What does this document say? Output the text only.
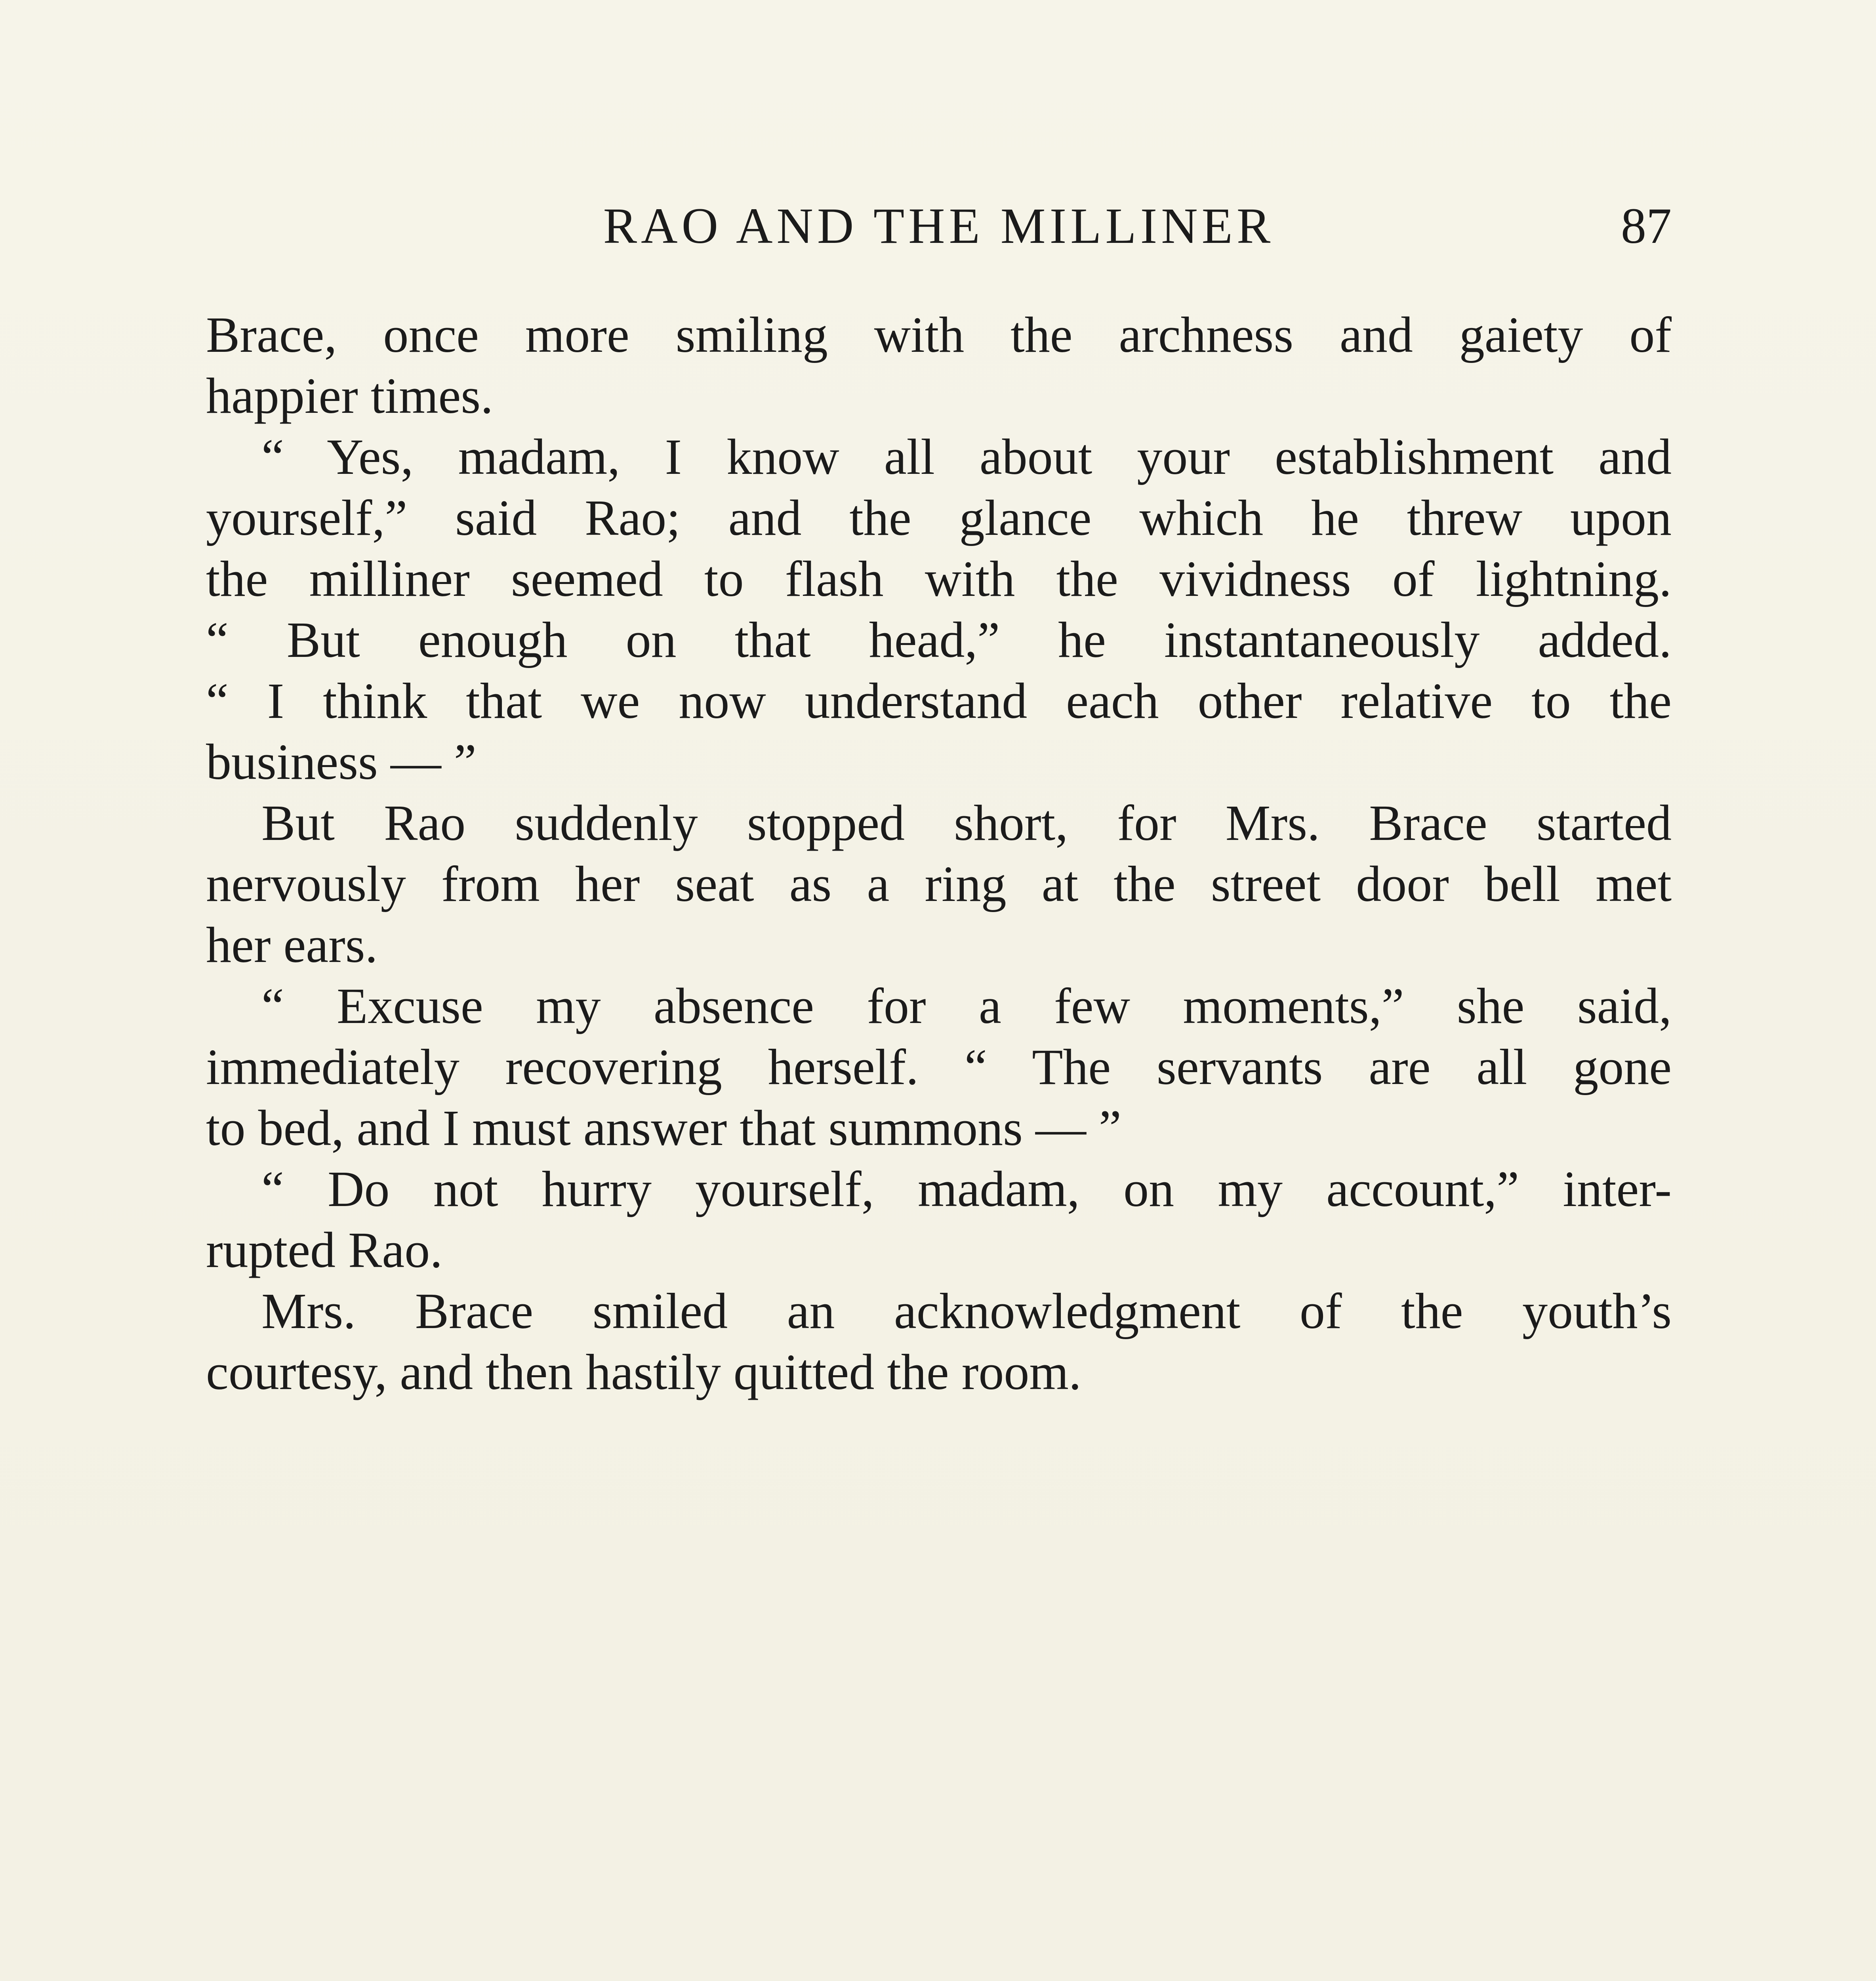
RAO AND THE MILLINER	87

Brace, once more smiling with the archness and gaiety of

happier times.

“ Yes, madam, I know all about your establishment and

yourself,” said Rao; and the glance which he threw upon

the milliner seemed to flash with the vividness of lightning.

“ But enough on that head,” he instantaneously added.

“ I think that we now understand each other relative to the

business — ”

But Rao suddenly stopped short, for Mrs. Brace started

nervously from her seat as a ring at the street door bell met

her ears.

“ Excuse my absence for a few moments,” she said,

immediately recovering herself. “ The servants are all gone

to bed, and I must answer that summons — ”

“ Do not hurry yourself, madam, on my account,” inter-

rupted Rao.

Mrs. Brace smiled an acknowledgment of the youth’s

courtesy, and then hastily quitted the room.
